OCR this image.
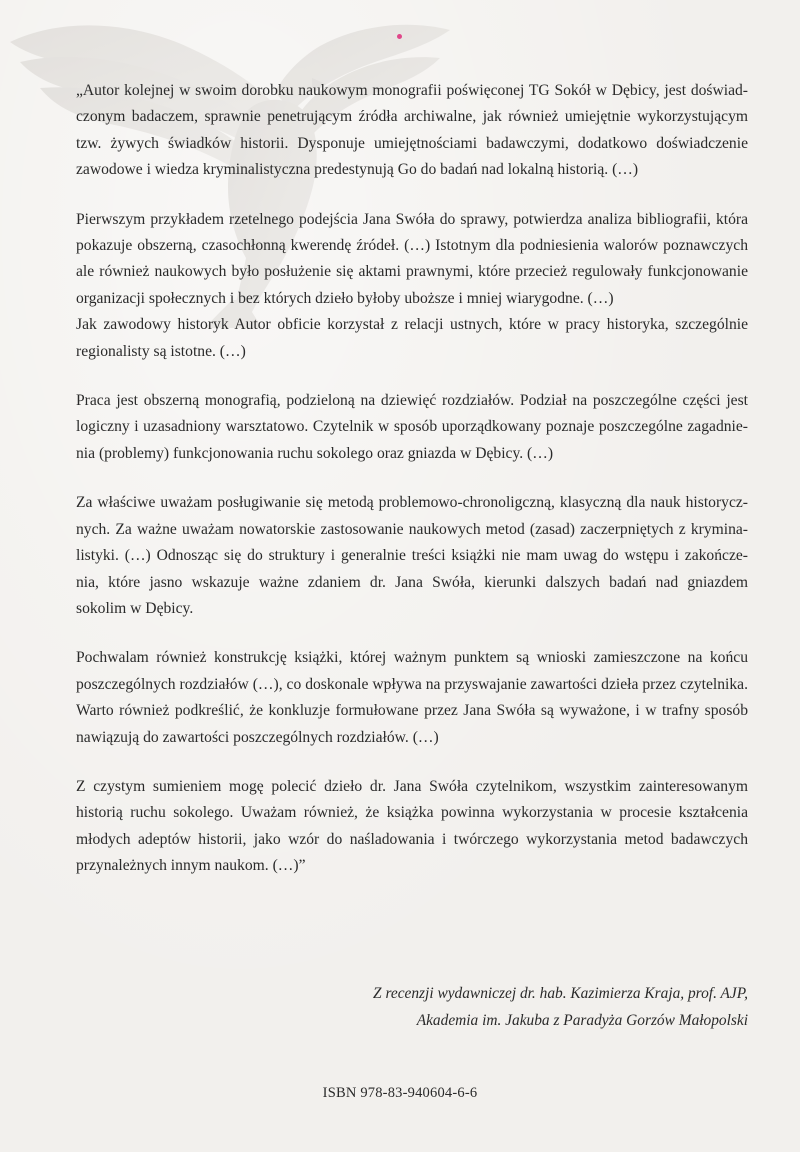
„Autor kolejnej w swoim dorobku naukowym monografii poświęconej TG Sokół w Dębicy, jest doświad-
czonym badaczem, sprawnie penetrującym źródła archiwalne, jak również umiejętnie wykorzystującym
tzw. żywych świadków historii. Dysponuje umiejętnościami badawczymi, dodatkowo doświadczenie
zawodowe i wiedza kryminalistyczna predestynują Go do badań nad lokalną historią. (…)

Pierwszym przykładem rzetelnego podejścia Jana Swóła do sprawy, potwierdza analiza bibliografii, która
pokazuje obszerną, czasochłonną kwerendę źródeł. (…) Istotnym dla podniesienia walorów poznawczych
ale również naukowych było posłużenie się aktami prawnymi, które przecież regulowały funkcjonowanie
organizacji społecznych i bez których dzieło byłoby uboższe i mniej wiarygodne. (…)
Jak zawodowy historyk Autor obficie korzystał z relacji ustnych, które w pracy historyka, szczególnie
regionalisty są istotne. (…)

Praca jest obszerną monografią, podzieloną na dziewięć rozdziałów. Podział na poszczególne części jest
logiczny i uzasadniony warsztatowo. Czytelnik w sposób uporządkowany poznaje poszczególne zagadnie-
nia (problemy) funkcjonowania ruchu sokolego oraz gniazda w Dębicy. (…)

Za właściwe uważam posługiwanie się metodą problemowo-chronoligczną, klasyczną dla nauk historycz-
nych. Za ważne uważam nowatorskie zastosowanie naukowych metod (zasad) zaczerpniętych z krymina-
listyki. (…) Odnosząc się do struktury i generalnie treści książki nie mam uwag do wstępu i zakończe-
nia, które jasno wskazuje ważne zdaniem dr. Jana Swóła, kierunki dalszych badań nad gniazdem
sokolim w Dębicy.

Pochwalam również konstrukcję książki, której ważnym punktem są wnioski zamieszczone na końcu
poszczególnych rozdziałów (…), co doskonale wpływa na przyswajanie zawartości dzieła przez czytelnika.
Warto również podkreślić, że konkluzje formułowane przez Jana Swóła są wyważone, i w trafny sposób
nawiązują do zawartości poszczególnych rozdziałów. (…)

Z czystym sumieniem mogę polecić dzieło dr. Jana Swóła czytelnikom, wszystkim zainteresowanym
historią ruchu sokolego. Uważam również, że książka powinna wykorzystania w procesie kształcenia
młodych adeptów historii, jako wzór do naśladowania i twórczego wykorzystania metod badawczych
przynależnych innym naukom. (…)”

Z recenzji wydawniczej dr. hab. Kazimierza Kraja, prof. AJP,
Akademia im. Jakuba z Paradyża Gorzów Małopolski
ISBN 978-83-940604-6-6
